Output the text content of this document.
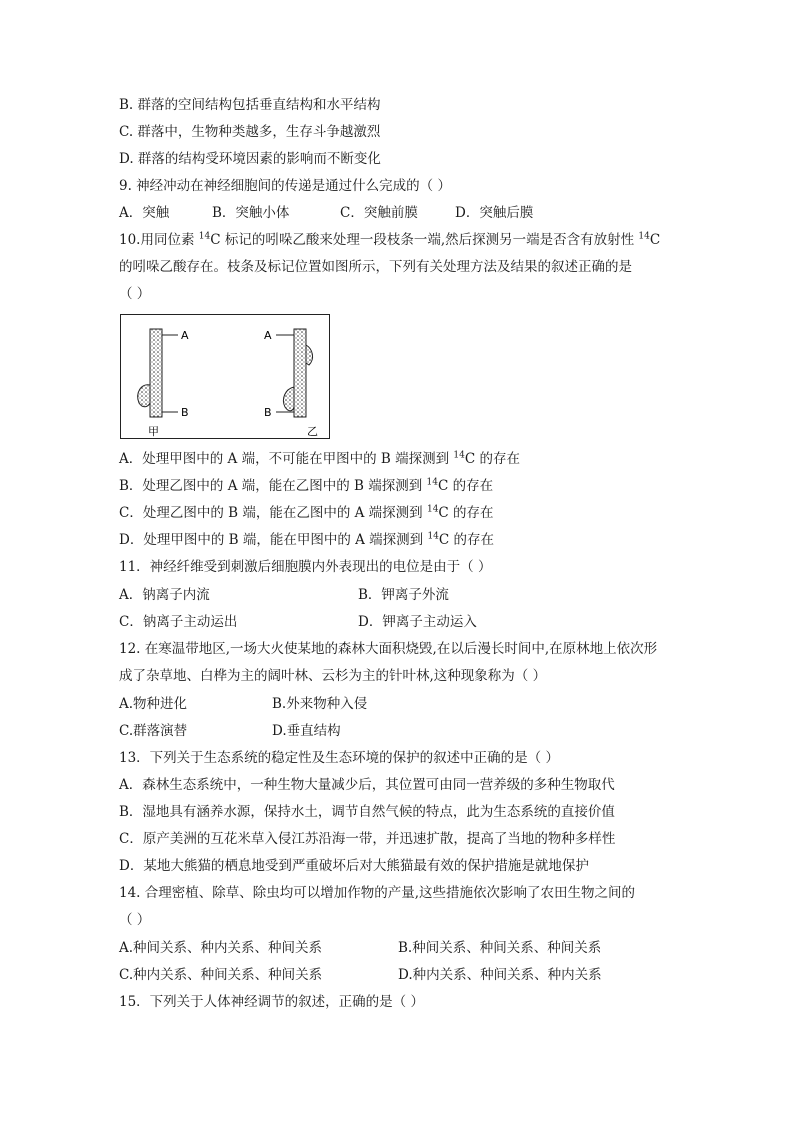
B. 群落的空间结构包括垂直结构和水平结构
C. 群落中，生物种类越多，生存斗争越激烈
D. 群落的结构受环境因素的影响而不断变化
9. 神经冲动在神经细胞间的传递是通过什么完成的（ ）
A．突触	B．突触小体	C．突触前膜	D．突触后膜
10.用同位素 $^{14}$C 标记的吲哚乙酸来处理一段枝条一端,然后探测另一端是否含有放射性 $^{14}$C
的吲哚乙酸存在。枝条及标记位置如图所示，下列有关处理方法及结果的叙述正确的是
（ ）
A
B
甲
A
B
乙
A．处理甲图中的 A 端，不可能在甲图中的 B 端探测到 $^{14}$C 的存在
B．处理乙图中的 A 端，能在乙图中的 B 端探测到 $^{14}$C 的存在
C．处理乙图中的 B 端，能在乙图中的 A 端探测到 $^{14}$C 的存在
D．处理甲图中的 B 端，能在甲图中的 A 端探测到 $^{14}$C 的存在
11．神经纤维受到刺激后细胞膜内外表现出的电位是由于（ ）
A．钠离子内流	B．钾离子外流
C．钠离子主动运出	D．钾离子主动运入
12. 在寒温带地区,一场大火使某地的森林大面积烧毁,在以后漫长时间中,在原林地上依次形
成了杂草地、白桦为主的阔叶林、云杉为主的针叶林,这种现象称为（ ）
A.物种进化	B.外来物种入侵
C.群落演替	D.垂直结构
13．下列关于生态系统的稳定性及生态环境的保护的叙述中正确的是（ ）
A．森林生态系统中，一种生物大量减少后，其位置可由同一营养级的多种生物取代
B．湿地具有涵养水源，保持水土，调节自然气候的特点，此为生态系统的直接价值
C．原产美洲的互花米草入侵江苏沿海一带，并迅速扩散，提高了当地的物种多样性
D．某地大熊猫的栖息地受到严重破坏后对大熊猫最有效的保护措施是就地保护
14. 合理密植、除草、除虫均可以增加作物的产量,这些措施依次影响了农田生物之间的
（ ）
A.种间关系、种内关系、种间关系	B.种间关系、种间关系、种间关系
C.种内关系、种间关系、种间关系	D.种内关系、种间关系、种内关系
15．下列关于人体神经调节的叙述，正确的是（ ）
